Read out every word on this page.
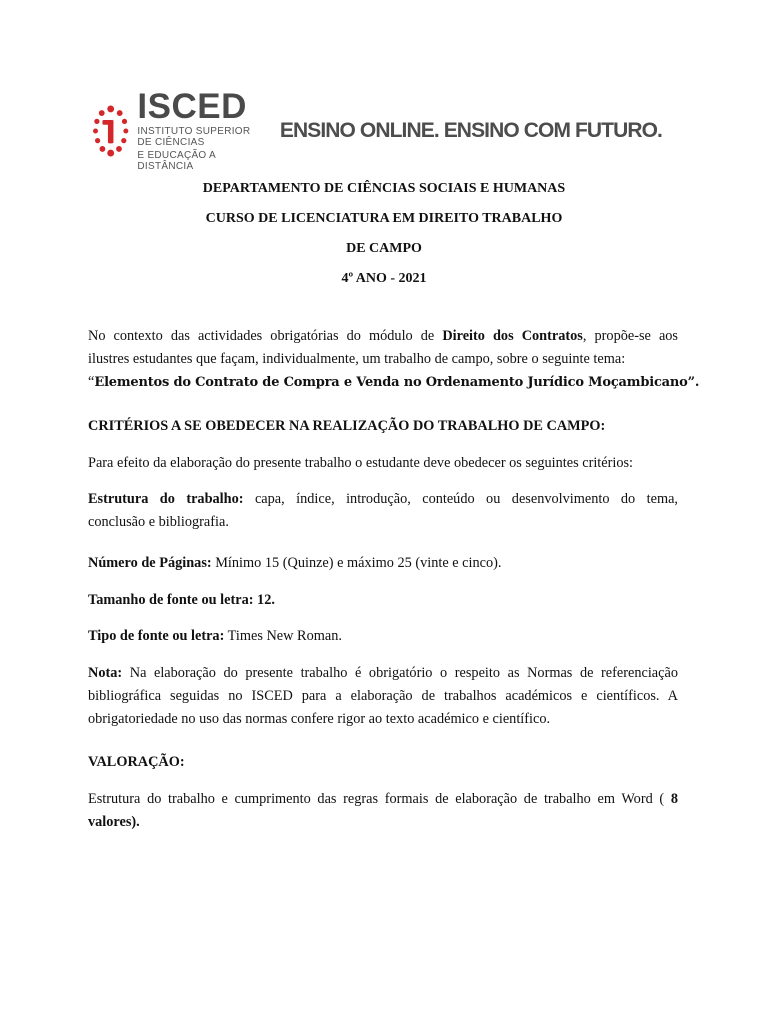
ISCED
INSTITUTO SUPERIOR DE CIÊNCIAS
E EDUCAÇÃO A DISTÂNCIA
ENSINO ONLINE. ENSINO COM FUTURO.
DEPARTAMENTO DE CIÊNCIAS SOCIAIS E HUMANAS
CURSO DE LICENCIATURA EM DIREITO TRABALHO
DE CAMPO
4º ANO - 2021
No contexto das actividades obrigatórias do módulo de Direito dos Contratos, propõe-se aos
ilustres estudantes que façam, individualmente, um trabalho de campo, sobre o seguinte tema:
“Elementos do Contrato de Compra e Venda no Ordenamento Jurídico Moçambicano”.
CRITÉRIOS A SE OBEDECER NA REALIZAÇÃO DO TRABALHO DE CAMPO:
Para efeito da elaboração do presente trabalho o estudante deve obedecer os seguintes critérios:
Estrutura do trabalho: capa, índice, introdução, conteúdo ou desenvolvimento do tema,
conclusão e bibliografia.
Número de Páginas: Mínimo 15 (Quinze) e máximo 25 (vinte e cinco).
Tamanho de fonte ou letra: 12.
Tipo de fonte ou letra: Times New Roman.
Nota: Na elaboração do presente trabalho é obrigatório o respeito as Normas de referenciação
bibliográfica seguidas no ISCED para a elaboração de trabalhos académicos e científicos. A
obrigatoriedade no uso das normas confere rigor ao texto académico e científico.
VALORAÇÃO:
Estrutura do trabalho e cumprimento das regras formais de elaboração de trabalho em Word ( 8
valores).
